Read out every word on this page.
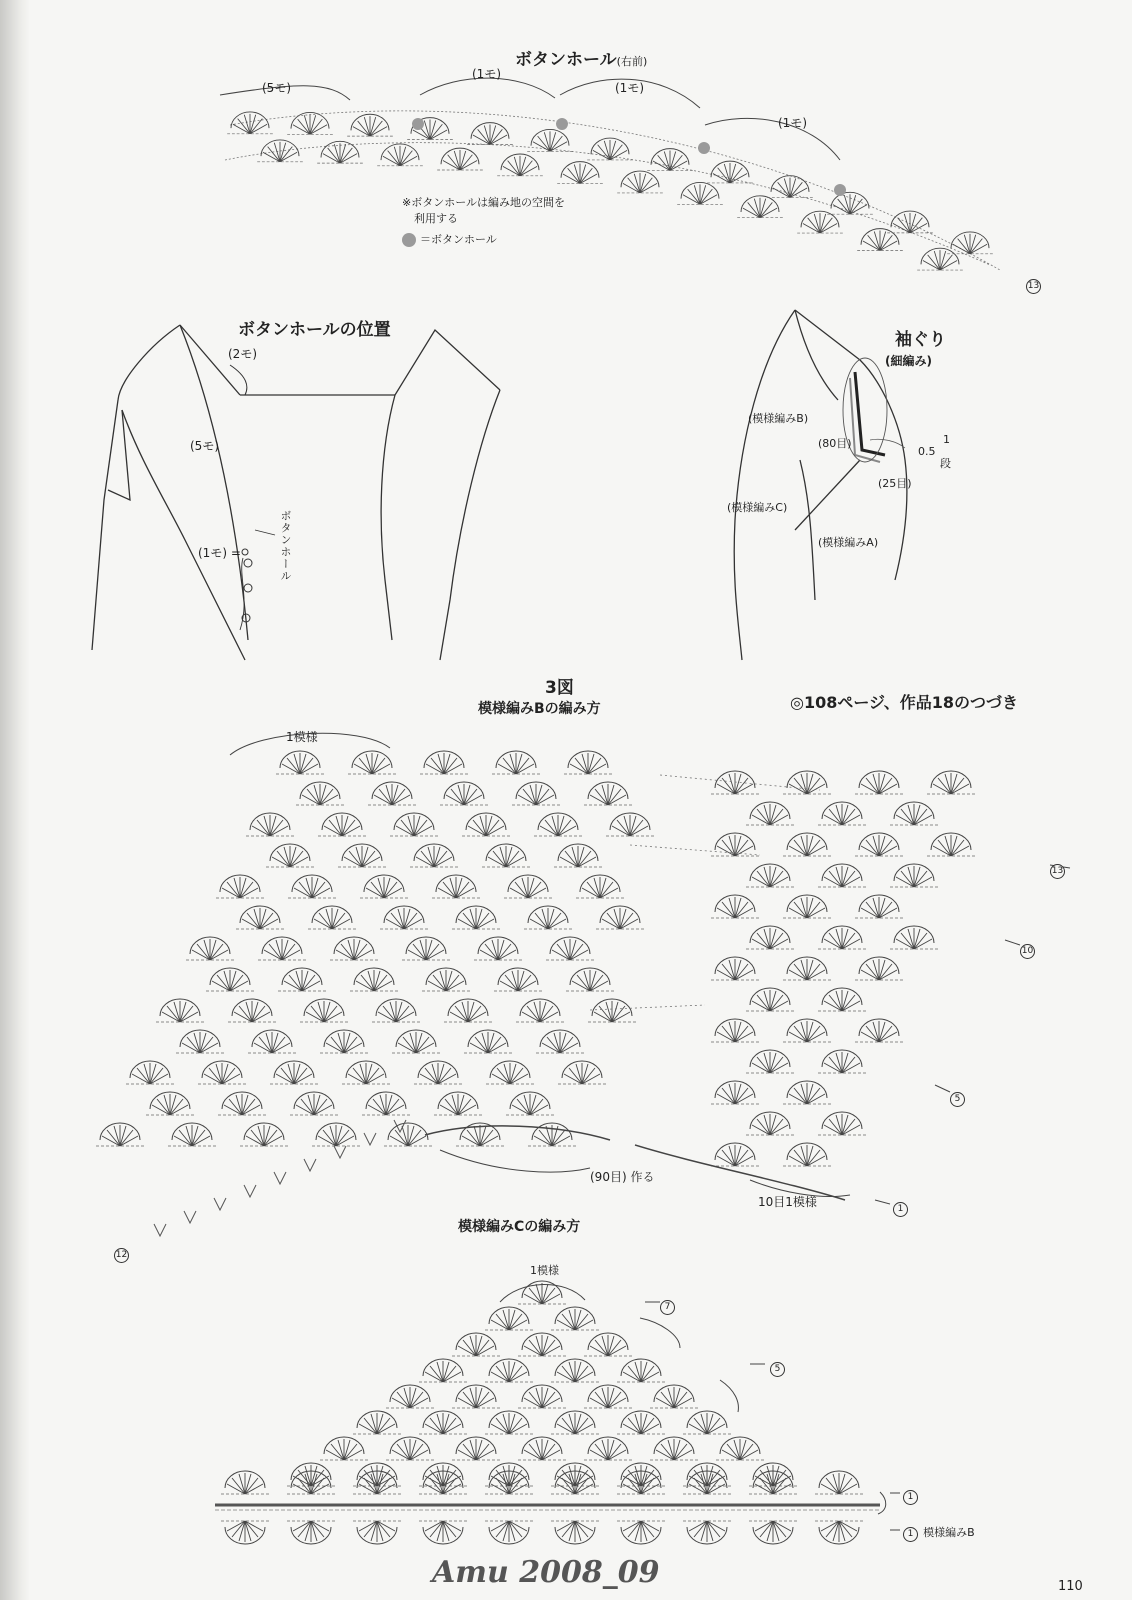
ボタンホール(右前)
(5モ)
(1モ)
(1モ)
(1モ)
13
※ボタンホールは編み地の空間を
利用する
＝ボタンホール
ボタンホールの位置
(2モ)
(5モ)
(1モ) =	ボタンホール
袖ぐり
(細編み)
(模様編みB)
(80目)
0.5
1
段
(25目)
(模様編みC)
(模様編みA)
◎108ページ、作品18のつづき
3図
模様編みBの編み方
1模様
13
10
5
1
12
(90目) 作る
10目1模様
模様編みCの編み方
1模様
7
5
1
1 模様編みB
Amu 2008_09	110
